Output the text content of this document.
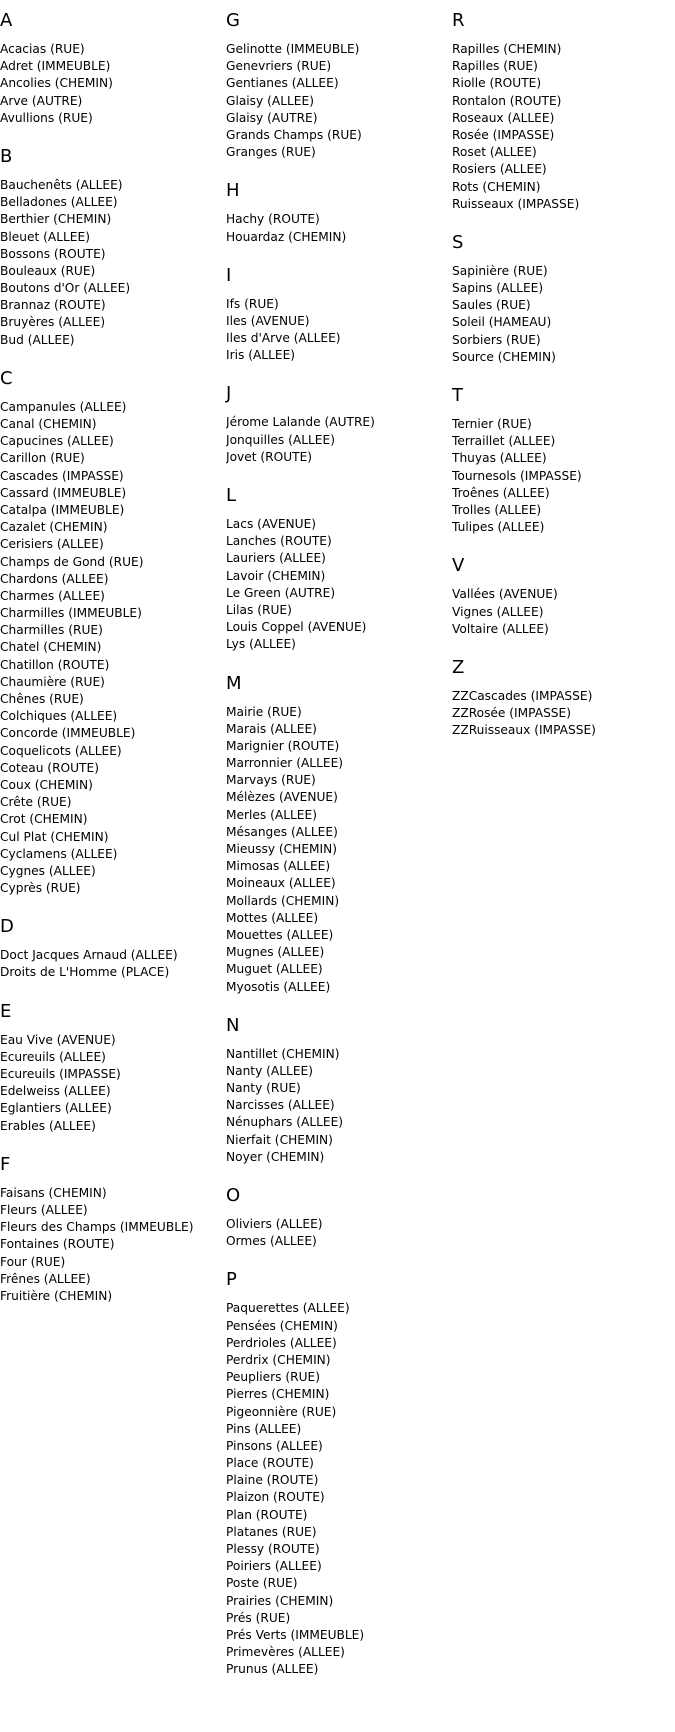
A
Acacias (RUE)
Adret (IMMEUBLE)
Ancolies (CHEMIN)
Arve (AUTRE)
Avullions (RUE)
B
Bauchenêts (ALLEE)
Belladones (ALLEE)
Berthier (CHEMIN)
Bleuet (ALLEE)
Bossons (ROUTE)
Bouleaux (RUE)
Boutons d'Or (ALLEE)
Brannaz (ROUTE)
Bruyères (ALLEE)
Bud (ALLEE)
C
Campanules (ALLEE)
Canal (CHEMIN)
Capucines (ALLEE)
Carillon (RUE)
Cascades (IMPASSE)
Cassard (IMMEUBLE)
Catalpa (IMMEUBLE)
Cazalet (CHEMIN)
Cerisiers (ALLEE)
Champs de Gond (RUE)
Chardons (ALLEE)
Charmes (ALLEE)
Charmilles (IMMEUBLE)
Charmilles (RUE)
Chatel (CHEMIN)
Chatillon (ROUTE)
Chaumière (RUE)
Chênes (RUE)
Colchiques (ALLEE)
Concorde (IMMEUBLE)
Coquelicots (ALLEE)
Coteau (ROUTE)
Coux (CHEMIN)
Crête (RUE)
Crot (CHEMIN)
Cul Plat (CHEMIN)
Cyclamens (ALLEE)
Cygnes (ALLEE)
Cyprès (RUE)
D
Doct Jacques Arnaud (ALLEE)
Droits de L'Homme (PLACE)
E
Eau Vive (AVENUE)
Ecureuils (ALLEE)
Ecureuils (IMPASSE)
Edelweiss (ALLEE)
Eglantiers (ALLEE)
Erables (ALLEE)
F
Faisans (CHEMIN)
Fleurs (ALLEE)
Fleurs des Champs (IMMEUBLE)
Fontaines (ROUTE)
Four (RUE)
Frênes (ALLEE)
Fruitière (CHEMIN)
G
Gelinotte (IMMEUBLE)
Genevriers (RUE)
Gentianes (ALLEE)
Glaisy (ALLEE)
Glaisy (AUTRE)
Grands Champs (RUE)
Granges (RUE)
H
Hachy (ROUTE)
Houardaz (CHEMIN)
I
Ifs (RUE)
Iles (AVENUE)
Iles d'Arve (ALLEE)
Iris (ALLEE)
J
Jérome Lalande (AUTRE)
Jonquilles (ALLEE)
Jovet (ROUTE)
L
Lacs (AVENUE)
Lanches (ROUTE)
Lauriers (ALLEE)
Lavoir (CHEMIN)
Le Green (AUTRE)
Lilas (RUE)
Louis Coppel (AVENUE)
Lys (ALLEE)
M
Mairie (RUE)
Marais (ALLEE)
Marignier (ROUTE)
Marronnier (ALLEE)
Marvays (RUE)
Mélèzes (AVENUE)
Merles (ALLEE)
Mésanges (ALLEE)
Mieussy (CHEMIN)
Mimosas (ALLEE)
Moineaux (ALLEE)
Mollards (CHEMIN)
Mottes (ALLEE)
Mouettes (ALLEE)
Mugnes (ALLEE)
Muguet (ALLEE)
Myosotis (ALLEE)
N
Nantillet (CHEMIN)
Nanty (ALLEE)
Nanty (RUE)
Narcisses (ALLEE)
Nénuphars (ALLEE)
Nierfait (CHEMIN)
Noyer (CHEMIN)
O
Oliviers (ALLEE)
Ormes (ALLEE)
P
Paquerettes (ALLEE)
Pensées (CHEMIN)
Perdrioles (ALLEE)
Perdrix (CHEMIN)
Peupliers (RUE)
Pierres (CHEMIN)
Pigeonnière (RUE)
Pins (ALLEE)
Pinsons (ALLEE)
Place (ROUTE)
Plaine (ROUTE)
Plaizon (ROUTE)
Plan (ROUTE)
Platanes (RUE)
Plessy (ROUTE)
Poiriers (ALLEE)
Poste (RUE)
Prairies (CHEMIN)
Prés (RUE)
Prés Verts (IMMEUBLE)
Primevères (ALLEE)
Prunus (ALLEE)
R
Rapilles (CHEMIN)
Rapilles (RUE)
Riolle (ROUTE)
Rontalon (ROUTE)
Roseaux (ALLEE)
Rosée (IMPASSE)
Roset (ALLEE)
Rosiers (ALLEE)
Rots (CHEMIN)
Ruisseaux (IMPASSE)
S
Sapinière (RUE)
Sapins (ALLEE)
Saules (RUE)
Soleil (HAMEAU)
Sorbiers (RUE)
Source (CHEMIN)
T
Ternier (RUE)
Terraillet (ALLEE)
Thuyas (ALLEE)
Tournesols (IMPASSE)
Troênes (ALLEE)
Trolles (ALLEE)
Tulipes (ALLEE)
V
Vallées (AVENUE)
Vignes (ALLEE)
Voltaire (ALLEE)
Z
ZZCascades (IMPASSE)
ZZRosée (IMPASSE)
ZZRuisseaux (IMPASSE)
